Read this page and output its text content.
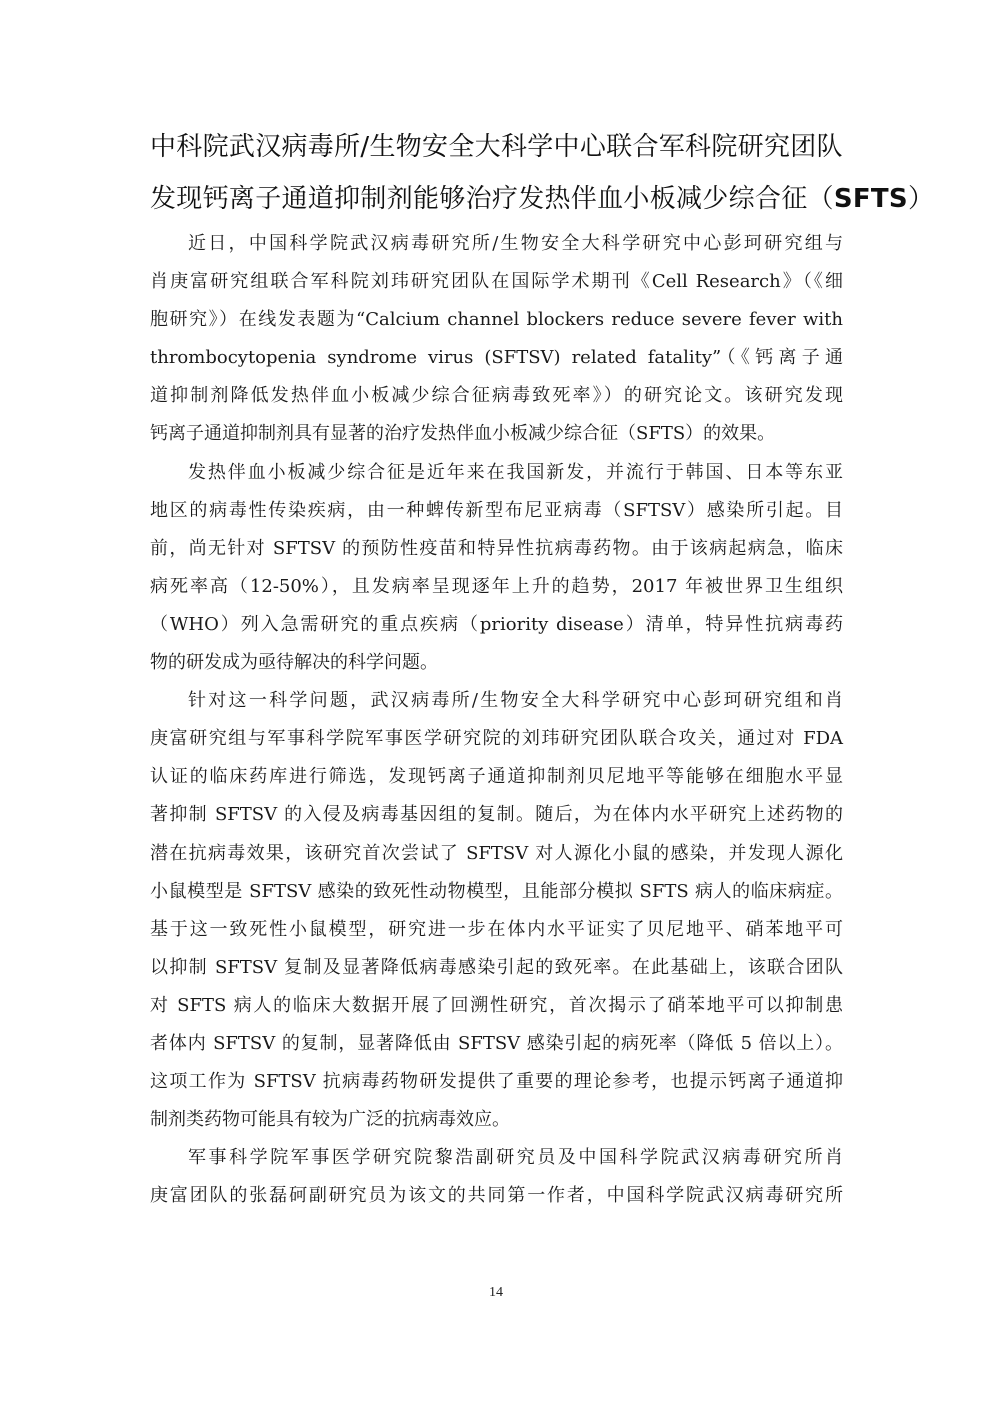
中科院武汉病毒所/生物安全大科学中心联合军科院研究团队
发现钙离子通道抑制剂能够治疗发热伴血小板减少综合征（SFTS）
近日，中国科学院武汉病毒研究所/生物安全大科学研究中心彭珂研究组与
肖庚富研究组联合军科院刘玮研究团队在国际学术期刊《Cell Research》（《细
胞研究》）在线发表题为“Calcium channel blockers reduce severe fever with
thrombocytopenia syndrome virus (SFTSV) related fatality”（《钙离子通
道抑制剂降低发热伴血小板减少综合征病毒致死率》）的研究论文。该研究发现
钙离子通道抑制剂具有显著的治疗发热伴血小板减少综合征（SFTS）的效果。
发热伴血小板减少综合征是近年来在我国新发，并流行于韩国、日本等东亚
地区的病毒性传染疾病，由一种蜱传新型布尼亚病毒（SFTSV）感染所引起。目
前，尚无针对 SFTSV 的预防性疫苗和特异性抗病毒药物。由于该病起病急，临床
病死率高（12-50%），且发病率呈现逐年上升的趋势，2017 年被世界卫生组织
（WHO）列入急需研究的重点疾病（priority disease）清单，特异性抗病毒药
物的研发成为亟待解决的科学问题。
针对这一科学问题，武汉病毒所/生物安全大科学研究中心彭珂研究组和肖
庚富研究组与军事科学院军事医学研究院的刘玮研究团队联合攻关，通过对 FDA
认证的临床药库进行筛选，发现钙离子通道抑制剂贝尼地平等能够在细胞水平显
著抑制 SFTSV 的入侵及病毒基因组的复制。随后，为在体内水平研究上述药物的
潜在抗病毒效果，该研究首次尝试了 SFTSV 对人源化小鼠的感染，并发现人源化
小鼠模型是 SFTSV 感染的致死性动物模型，且能部分模拟 SFTS 病人的临床病症。
基于这一致死性小鼠模型，研究进一步在体内水平证实了贝尼地平、硝苯地平可
以抑制 SFTSV 复制及显著降低病毒感染引起的致死率。在此基础上，该联合团队
对 SFTS 病人的临床大数据开展了回溯性研究，首次揭示了硝苯地平可以抑制患
者体内 SFTSV 的复制，显著降低由 SFTSV 感染引起的病死率（降低 5 倍以上）。
这项工作为 SFTSV 抗病毒药物研发提供了重要的理论参考，也提示钙离子通道抑
制剂类药物可能具有较为广泛的抗病毒效应。
军事科学院军事医学研究院黎浩副研究员及中国科学院武汉病毒研究所肖
庚富团队的张磊砢副研究员为该文的共同第一作者，中国科学院武汉病毒研究所
14
